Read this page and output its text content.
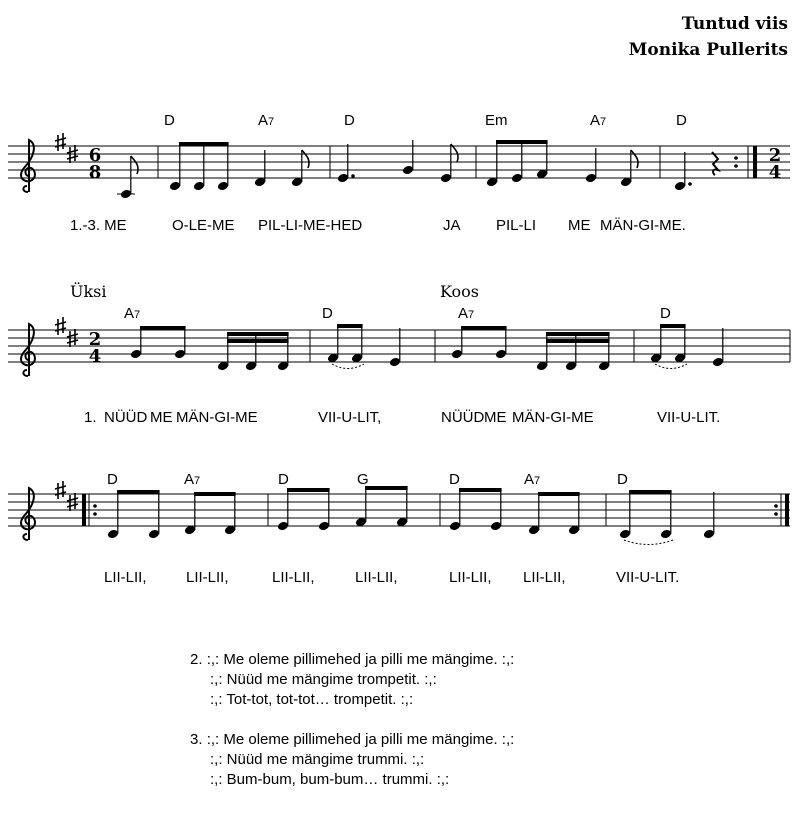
Tuntud viis
Monika Pullerits
6
8
2
4
D	A7	D	Em	A7	D
1.-3. ME	O-LE-ME PIL-LI-ME-HED	JA PIL-LI ME MÄN-GI-ME.
2
4
Üksi	Koos
A7	D	A7	D
1. NÜÜD ME MÄN-GI-ME	VII-U-LIT,	NÜÜD ME MÄN-GI-ME	VII-U-LIT.
D	A7	D	G	D	A7	D
LII-LII,	LII-LII,	LII-LII,	LII-LII,	LII-LII, LII-LII,	VII-U-LIT.
2. :,: Me oleme pillimehed ja pilli me mängime. :,:
:,: Nüüd me mängime trompetit. :,:
:,: Tot-tot, tot-tot… trompetit. :,:
3. :,: Me oleme pillimehed ja pilli me mängime. :,:
:,: Nüüd me mängime trummi. :,:
:,: Bum-bum, bum-bum… trummi. :,:
